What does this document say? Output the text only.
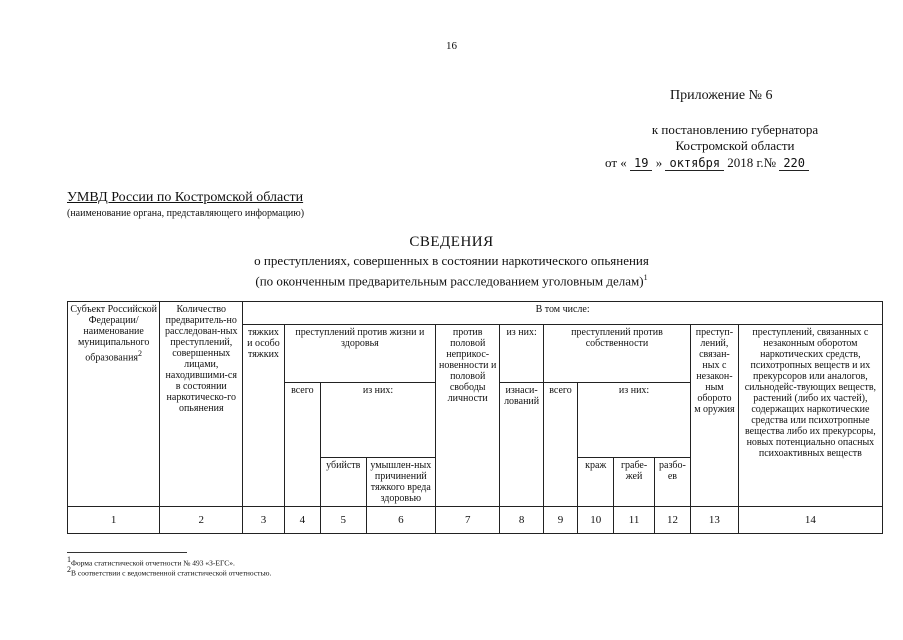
16
Приложение № 6
к постановлению губернатора
Костромской области
от « 19 » октября 2018 г.№ 220
УМВД России по Костромской области
(наименование органа, представляющего информацию)
СВЕДЕНИЯ
о преступлениях, совершенных в состоянии наркотического опьянения
(по оконченным предварительным расследованием уголовным делам)$^1$
Субъект Российской Федерации/ наименование муниципального образования$^2$	Количество предваритель-но расследован-ных преступлений, совершенных лицами, находившими-ся в состоянии наркотическо-го опьянения	В том числе:											
		тяжких и особо тяжких	преступлений против жизни и здоровья			против половой неприкос-новенности и половой свободы личности	из них:	преступлений против собственности				преступ-лений, связан-ных с незакон-ным оборото м оружия	преступлений, связанных с незаконным оборотом наркотических средств, психотропных веществ и их прекурсоров или аналогов, сильнодейс-твующих веществ, растений (либо их частей), содержащих наркотические средства или психотропные вещества либо их прекурсоры, новых потенциально опасных психоактивных веществ
			всего	из них:			изнаси-лований	всего	из них:				
				убийств	умышлен-ных причинений тяжкого вреда здоровью				краж	грабе-жей	разбо-ев		
1	2	3	4	5	6	7	8	9	10	11	12	13	14
$^1$Форма статистической отчетности № 493 «З-ЕГС».
$^2$В соответствии с ведомственной статистической отчетностью.
